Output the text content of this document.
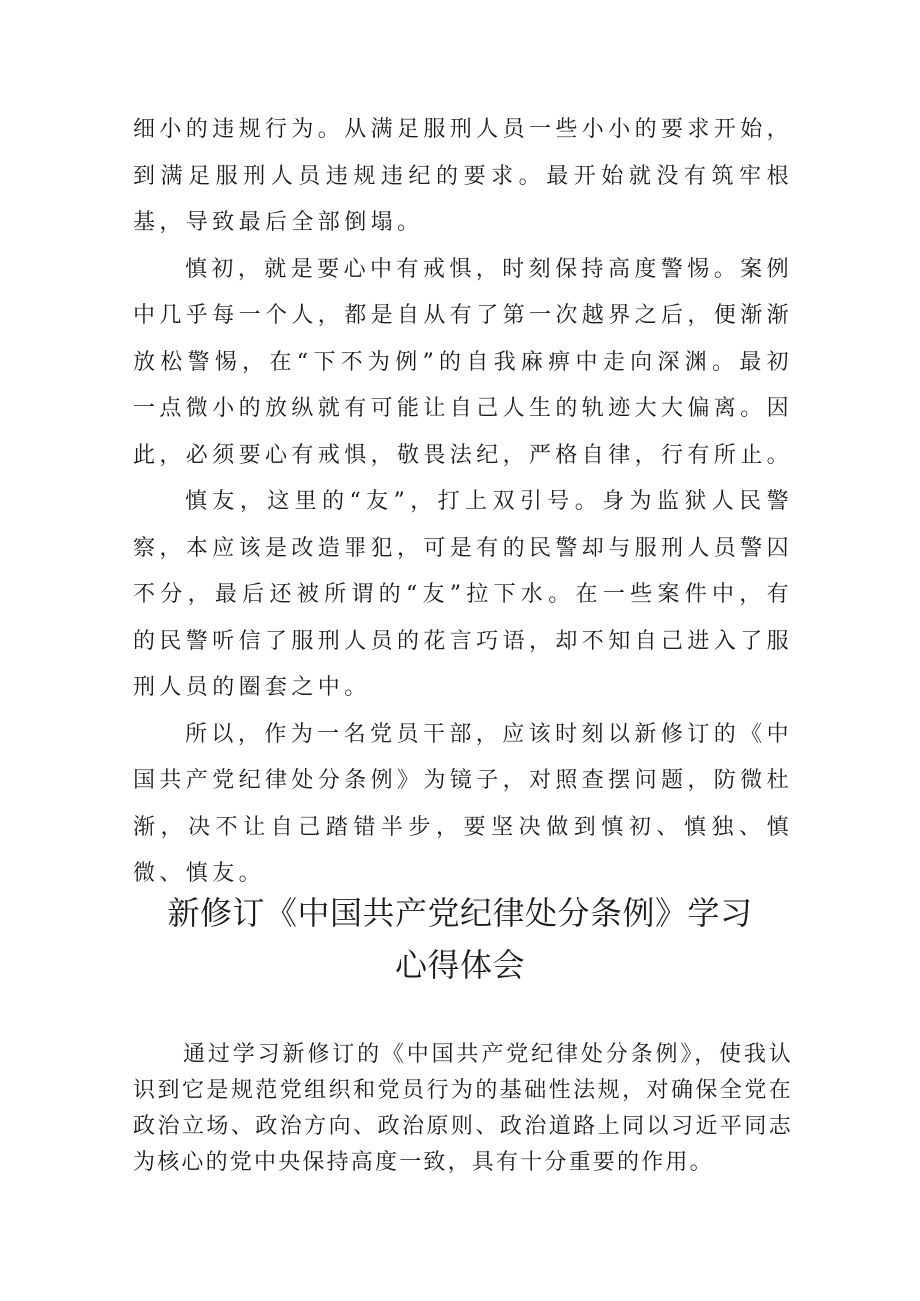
细小的违规行为。从满足服刑人员一些小小的要求开始，到满足服刑人员违规违纪的要求。最开始就没有筑牢根基，导致最后全部倒塌。

慎初，就是要心中有戒惧，时刻保持高度警惕。案例中几乎每一个人，都是自从有了第一次越界之后，便渐渐放松警惕，在“下不为例”的自我麻痹中走向深渊。最初一点微小的放纵就有可能让自己人生的轨迹大大偏离。因此，必须要心有戒惧，敬畏法纪，严格自律，行有所止。

慎友，这里的“友”，打上双引号。身为监狱人民警察，本应该是改造罪犯，可是有的民警却与服刑人员警囚不分，最后还被所谓的“友”拉下水。在一些案件中，有的民警听信了服刑人员的花言巧语，却不知自己进入了服刑人员的圈套之中。

所以，作为一名党员干部，应该时刻以新修订的《中国共产党纪律处分条例》为镜子，对照查摆问题，防微杜渐，决不让自己踏错半步，要坚决做到慎初、慎独、慎微、慎友。

新修订《中国共产党纪律处分条例》学习
心得体会

通过学习新修订的《中国共产党纪律处分条例》，使我认识到它是规范党组织和党员行为的基础性法规，对确保全党在政治立场、政治方向、政治原则、政治道路上同以习近平同志为核心的党中央保持高度一致，具有十分重要的作用。
